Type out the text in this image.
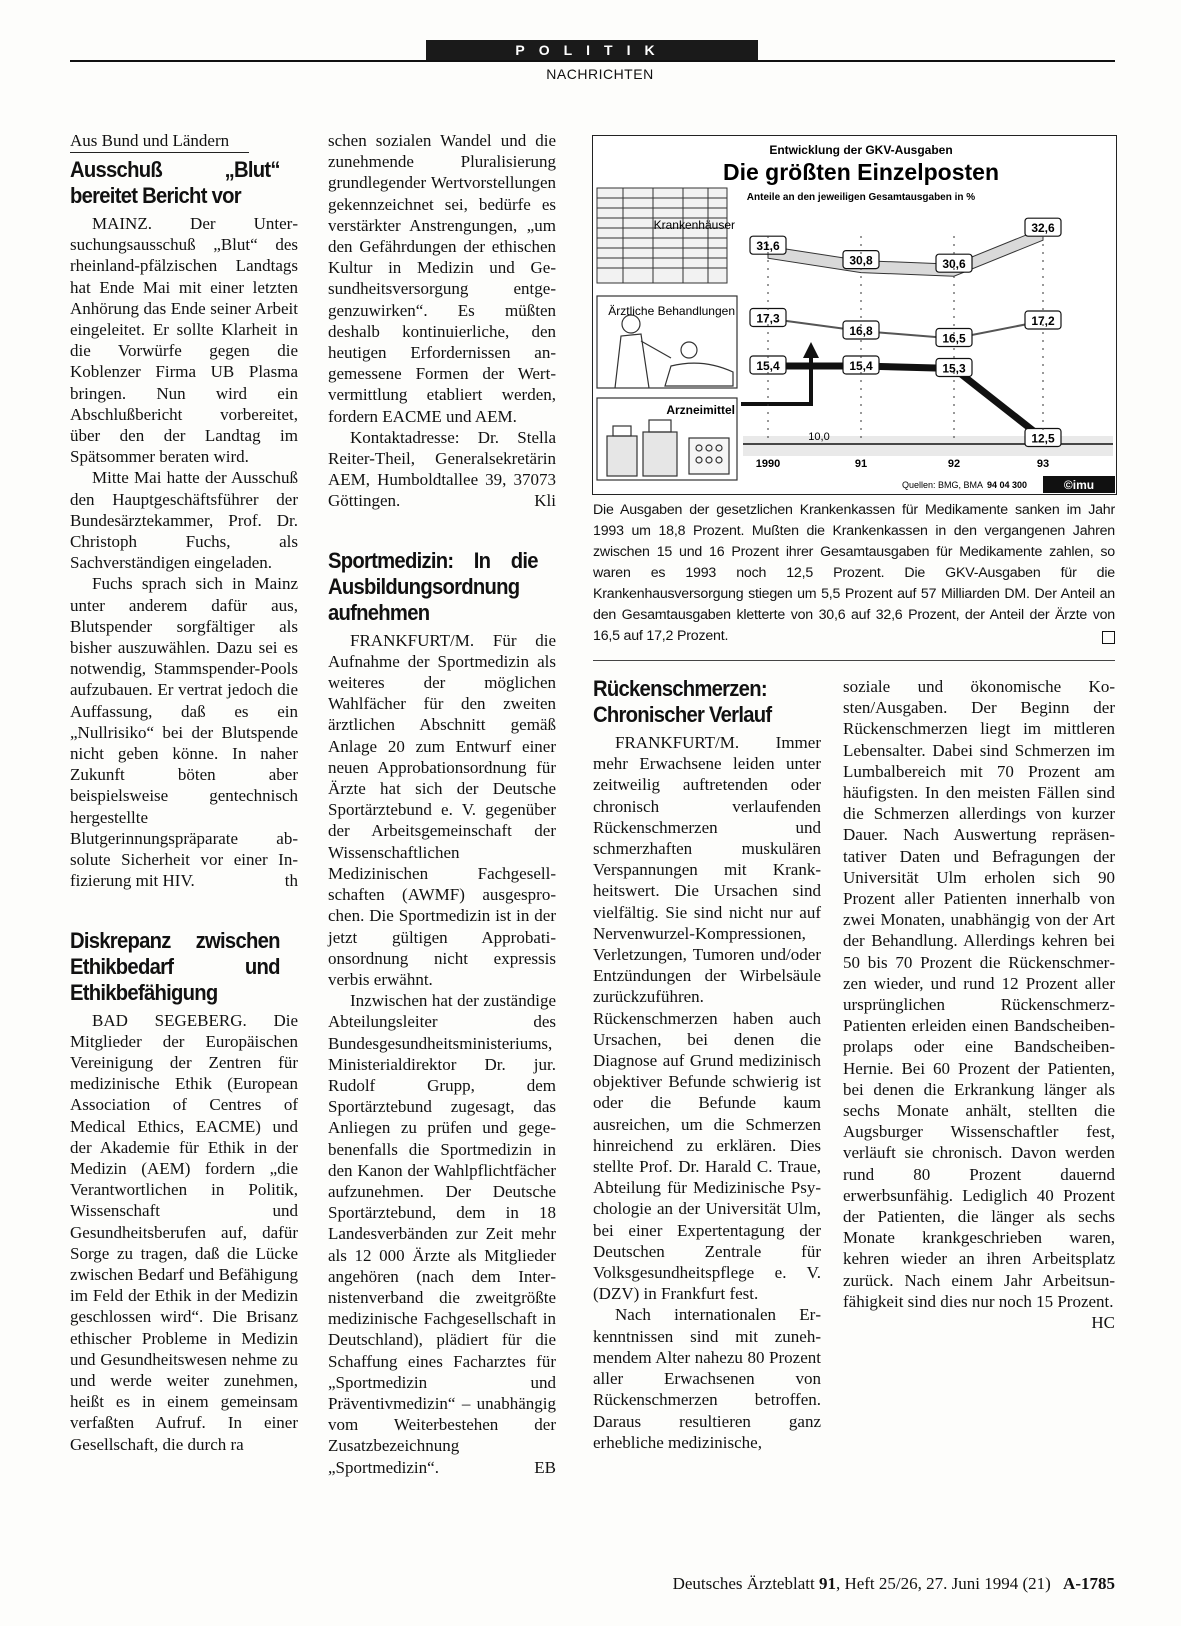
POLITIK
NACHRICHTEN
Aus Bund und Ländern
Ausschuß „Blut“ bereitet Bericht vor

MAINZ. Der Untersuchungsausschuß „Blut“ des rheinland-pfälzischen Landtags hat Ende Mai mit einer letzten Anhörung das Ende seiner Arbeit eingeleitet. Er sollte Klarheit in die Vorwürfe gegen die Koblenzer Firma UB Plasma bringen. Nun wird ein Abschlußbericht vorbereitet, über den der Landtag im Spätsommer beraten wird.

Mitte Mai hatte der Ausschuß den Hauptgeschäftsführer der Bundesärztekammer, Prof. Dr. Christoph Fuchs, als Sachverständigen eingeladen.

Fuchs sprach sich in Mainz unter anderem dafür aus, Blutspender sorgfältiger als bisher auszuwählen. Dazu sei es notwendig, Stammspender-Pools aufzubauen. Er vertrat jedoch die Auffassung, daß es ein „Nullrisiko“ bei der Blutspende nicht geben könne. In naher Zukunft böten aber beispielsweise gentechnisch hergestellte Blutgerinnungspräparate absolute Sicherheit vor einer Infizierung mit HIV.	th

Diskrepanz zwischen Ethikbedarf und Ethikbefähigung

BAD SEGEBERG. Die Mitglieder der Europäischen Vereinigung der Zentren für medizinische Ethik (European Association of Centres of Medical Ethics, EACME) und der Akademie für Ethik in der Medizin (AEM) fordern „die Verantwortlichen in Politik, Wissenschaft und Gesundheitsberufen auf, dafür Sorge zu tragen, daß die Lücke zwischen Bedarf und Befähigung im Feld der Ethik in der Medizin geschlossen wird“. Die Brisanz ethischer Probleme in Medizin und Gesundheitswesen nehme zu und werde weiter zunehmen, heißt es in einem gemeinsam verfaßten Aufruf. In einer Gesellschaft, die durch ra

schen sozialen Wandel und die zunehmende Pluralisierung grundlegender Wertvorstellungen gekennzeichnet sei, bedürfe es verstärkter Anstrengungen, „um den Gefährdungen der ethischen Kultur in Medizin und Gesundheitsversorgung entgegenzuwirken“. Es müßten deshalb kontinuierliche, den heutigen Erfordernissen angemessene Formen der Wertvermittlung etabliert werden, fordern EACME und AEM.

Kontaktadresse: Dr. Stella Reiter-Theil, Generalsekretärin AEM, Humboldtallee 39, 37073 Göttingen.	Kli

Sportmedizin: In die Ausbildungsordnung aufnehmen

FRANKFURT/M. Für die Aufnahme der Sportmedizin als weiteres der möglichen Wahlfächer für den zweiten ärztlichen Abschnitt gemäß Anlage 20 zum Entwurf einer neuen Approbationsordnung für Ärzte hat sich der Deutsche Sportärztebund e. V. gegenüber der Arbeitsgemeinschaft der Wissenschaftlichen Medizinischen Fachgesellschaften (AWMF) ausgesprochen. Die Sportmedizin ist in der jetzt gültigen Approbationsordnung nicht expressis verbis erwähnt.

Inzwischen hat der zuständige Abteilungsleiter des Bundesgesundheitsministeriums, Ministerialdirektor Dr. jur. Rudolf Grupp, dem Sportärztebund zugesagt, das Anliegen zu prüfen und gegebenenfalls die Sportmedizin in den Kanon der Wahlpflichtfächer aufzunehmen. Der Deutsche Sportärztebund, dem in 18 Landesverbänden zur Zeit mehr als 12 000 Ärzte als Mitglieder angehören (nach dem Internistenverband die zweitgrößte medizinische Fachgesellschaft in Deutschland), plädiert für die Schaffung eines Facharztes für „Sportmedizin und Präventivmedizin“ – unabhängig vom Weiterbestehen der Zusatzbezeichnung „Sportmedizin“.	EB

Entwicklung der GKV-Ausgaben
Die größten Einzelposten
Anteile an den jeweiligen Gesamtausgaben in %
31,6
30,8	30,6
32,6
17,3
16,8
16,5
17,2
15,4	15,4	15,3
12,5
1990	91	92	93
Krankenhäuser
Ärztliche Behandlungen
Arzneimittel
10,0
Quellen: BMG, BMA 94 04 300	©imu
Die Ausgaben der gesetzlichen Krankenkassen für Medikamente sanken im Jahr 1993 um 18,8 Prozent. Mußten die Krankenkassen in den vergangenen Jahren zwischen 15 und 16 Prozent ihrer Gesamtausgaben für Medikamente zahlen, so waren es 1993 noch 12,5 Prozent. Die GKV-Ausgaben für die Krankenhausversorgung stiegen um 5,5 Prozent auf 57 Milliarden DM. Der Anteil an den Gesamtausgaben kletterte von 30,6 auf 32,6 Prozent, der Anteil der Ärzte von 16,5 auf 17,2 Prozent.
Rückenschmerzen: Chronischer Verlauf

FRANKFURT/M. Immer mehr Erwachsene leiden unter zeitweilig auftretenden oder chronisch verlaufenden Rückenschmerzen und schmerzhaften muskulären Verspannungen mit Krankheitswert. Die Ursachen sind vielfältig. Sie sind nicht nur auf Nervenwurzel-Kompressionen, Verletzungen, Tumoren und/oder Entzündungen der Wirbelsäule zurückzuführen. Rückenschmerzen haben auch Ursachen, bei denen die Diagnose auf Grund medizinisch objektiver Befunde schwierig ist oder die Befunde kaum ausreichen, um die Schmerzen hinreichend zu erklären. Dies stellte Prof. Dr. Harald C. Traue, Abteilung für Medizinische Psychologie an der Universität Ulm, bei einer Expertentagung der Deutschen Zentrale für Volksgesundheitspflege e. V. (DZV) in Frankfurt fest.

Nach internationalen Erkenntnissen sind mit zunehmendem Alter nahezu 80 Prozent aller Erwachsenen von Rückenschmerzen betroffen. Daraus resultieren ganz erhebliche medizinische,

soziale und ökonomische Kosten/Ausgaben. Der Beginn der Rückenschmerzen liegt im mittleren Lebensalter. Dabei sind Schmerzen im Lumbalbereich mit 70 Prozent am häufigsten. In den meisten Fällen sind die Schmerzen allerdings von kurzer Dauer. Nach Auswertung repräsentativer Daten und Befragungen der Universität Ulm erholen sich 90 Prozent aller Patienten innerhalb von zwei Monaten, unabhängig von der Art der Behandlung. Allerdings kehren bei 50 bis 70 Prozent die Rückenschmerzen wieder, und rund 12 Prozent aller ursprünglichen Rückenschmerz-Patienten erleiden einen Bandscheibenprolaps oder eine Bandscheiben-Hernie. Bei 60 Prozent der Patienten, bei denen die Erkrankung länger als sechs Monate anhält, stellten die Augsburger Wissenschaftler fest, verläuft sie chronisch. Davon werden rund 80 Prozent dauernd erwerbsunfähig. Lediglich 40 Prozent der Patienten, die länger als sechs Monate krankgeschrieben waren, kehren wieder an ihren Arbeitsplatz zurück. Nach einem Jahr Arbeitsunfähigkeit sind dies nur noch 15 Prozent.
HC

Deutsches Ärzteblatt 91, Heft 25/26, 27. Juni 1994 (21) A-1785
